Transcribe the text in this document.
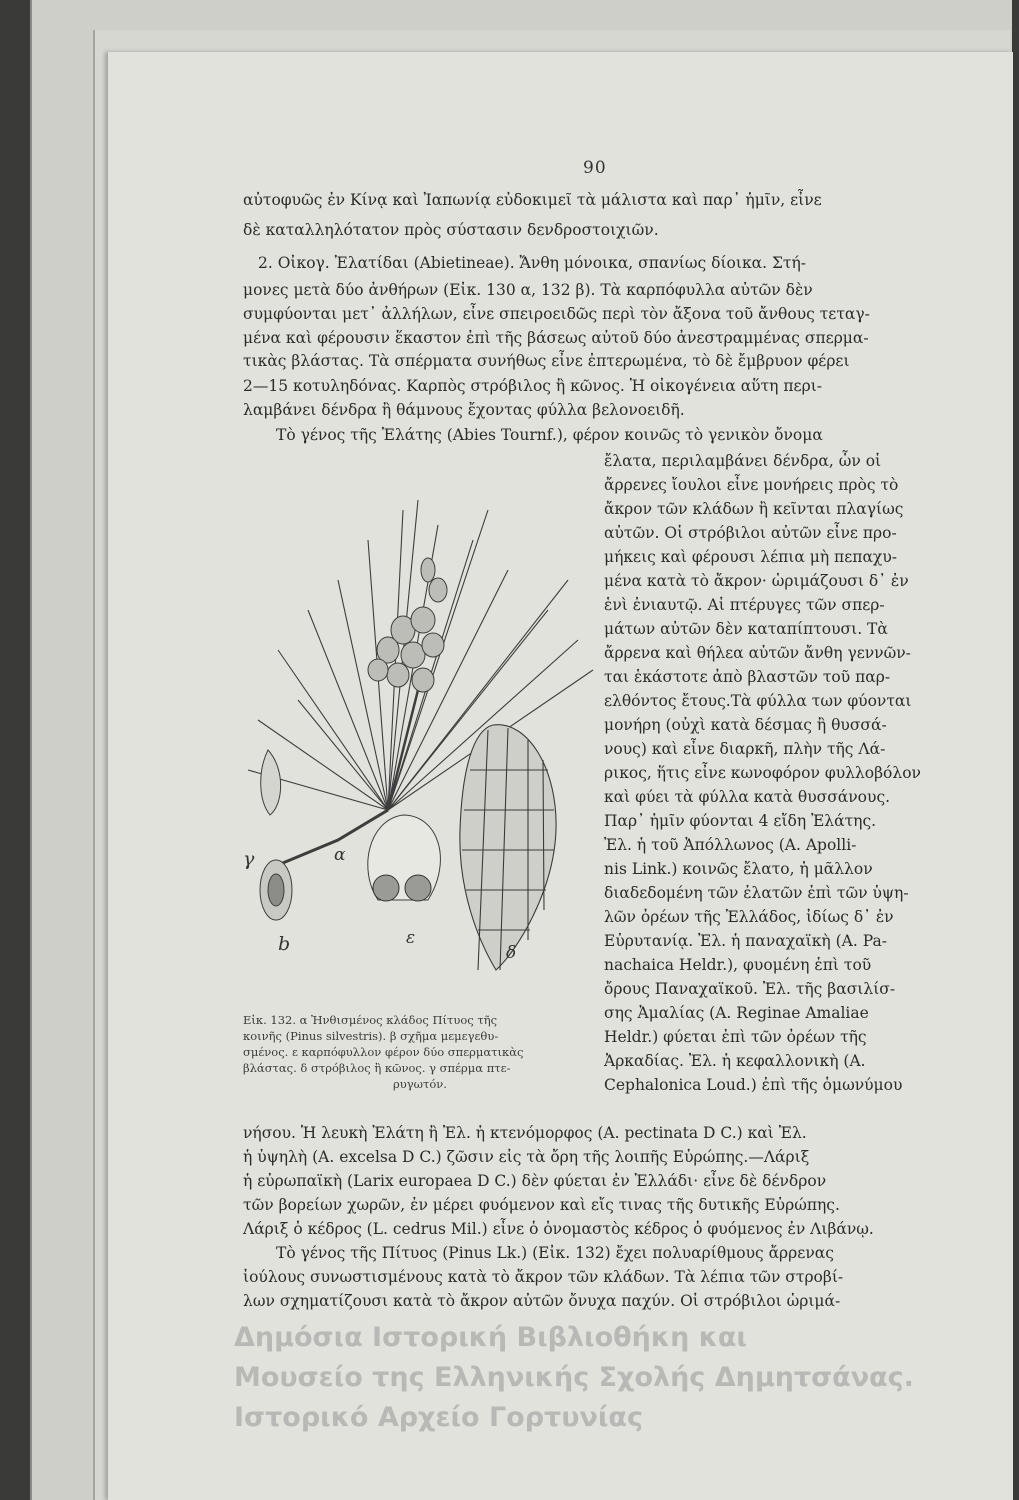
90
αὐτοφυῶς ἐν Κίνᾳ καὶ Ἰαπωνίᾳ εὐδοκιμεῖ τὰ μάλιστα καὶ παρ᾽ ἡμῖν, εἶνε
δὲ καταλληλότατον πρὸς σύστασιν δενδροστοιχιῶν.
2. Οἰκογ. Ἐλατίδαι (Abietineae). Ἄνθη μόνοικα, σπανίως δίοικα. Στή-
μονες μετὰ δύο ἀνθήρων (Εἰκ. 130 α, 132 β). Τὰ καρπόφυλλα αὐτῶν δὲν
συμφύονται μετ᾽ ἀλλήλων, εἶνε σπειροειδῶς περὶ τὸν ἄξονα τοῦ ἄνθους τεταγ-
μένα καὶ φέρουσιν ἕκαστον ἐπὶ τῆς βάσεως αὐτοῦ δύο ἀνεστραμμένας σπερμα-
τικὰς βλάστας. Τὰ σπέρματα συνήθως εἶνε ἐπτερωμένα, τὸ δὲ ἔμβρυον φέρει
2—15 κοτυληδόνας. Καρπὸς στρόβιλος ἢ κῶνος. Ἡ οἰκογένεια αὕτη περι-
λαμβάνει δένδρα ἢ θάμνους ἔχοντας φύλλα βελονοειδῆ.
Τὸ γένος τῆς Ἐλάτης (Abies Tournf.), φέρον κοινῶς τὸ γενικὸν ὄνομα
ἔλατα, περιλαμβάνει δένδρα, ὧν οἱ
ἄρρενες ἴουλοι εἶνε μονήρεις πρὸς τὸ
ἄκρον τῶν κλάδων ἢ κεῖνται πλαγίως
αὐτῶν. Οἱ στρόβιλοι αὐτῶν εἶνε προ-
μήκεις καὶ φέρουσι λέπια μὴ πεπαχυ-
μένα κατὰ τὸ ἄκρον· ὡριμάζουσι δ᾽ ἐν
ἑνὶ ἐνιαυτῷ. Αἱ πτέρυγες τῶν σπερ-
μάτων αὐτῶν δὲν καταπίπτουσι. Τὰ
ἄρρενα καὶ θήλεα αὐτῶν ἄνθη γεννῶν-
ται ἑκάστοτε ἀπὸ βλαστῶν τοῦ παρ-
ελθόντος ἔτους.Τὰ φύλλα των φύονται
μονήρη (οὐχὶ κατὰ δέσμας ἢ θυσσά-
νους) καὶ εἶνε διαρκῆ, πλὴν τῆς Λά-
ρικος, ἥτις εἶνε κωνοφόρον φυλλοβόλον
καὶ φύει τὰ φύλλα κατὰ θυσσάνους.
Παρ᾽ ἡμῖν φύονται 4 εἴδη Ἐλάτης.
Ἐλ. ἡ τοῦ Ἀπόλλωνος (A. Apolli-
nis Link.) κοινῶς ἔλατο, ἡ μᾶλλον
διαδεδομένη τῶν ἐλατῶν ἐπὶ τῶν ὑψη-
λῶν ὀρέων τῆς Ἑλλάδος, ἰδίως δ᾽ ἐν
Εὐρυτανίᾳ. Ἐλ. ἡ παναχαϊκὴ (A. Pa-
nachaica Heldr.), φυομένη ἐπὶ τοῦ
ὄρους Παναχαϊκοῦ. Ἐλ. τῆς βασιλίσ-
σης Ἀμαλίας (A. Reginae Amaliae
Heldr.) φύεται ἐπὶ τῶν ὀρέων τῆς
Ἀρκαδίας. Ἐλ. ἡ κεφαλλονικὴ (A.
Cephalonica Loud.) ἐπὶ τῆς ὁμωνύμου
α
γ
b	δ
ε
Εἰκ. 132. α Ἠνθισμένος κλάδος Πίτυος τῆς
κοινῆς (Pinus silvestris). β σχῆμα μεμεγεθυ-
σμένος. ε καρπόφυλλον φέρον δύο σπερματικὰς
βλάστας. δ στρόβιλος ἢ κῶνος. γ σπέρμα πτε-
ρυγωτόν.
νήσου. Ἡ λευκὴ Ἐλάτη ἢ Ἐλ. ἡ κτενόμορφος (A. pectinata D C.) καὶ Ἐλ.
ἡ ὑψηλὴ (A. excelsa D C.) ζῶσιν εἰς τὰ ὄρη τῆς λοιπῆς Εὐρώπης.—Λάριξ
ἡ εὐρωπαϊκὴ (Larix europaea D C.) δὲν φύεται ἐν Ἑλλάδι· εἶνε δὲ δένδρον
τῶν βορείων χωρῶν, ἐν μέρει φυόμενον καὶ εἴς τινας τῆς δυτικῆς Εὐρώπης.
Λάριξ ὁ κέδρος (L. cedrus Mil.) εἶνε ὁ ὀνομαστὸς κέδρος ὁ φυόμενος ἐν Λιβάνῳ.
Τὸ γένος τῆς Πίτυος (Pinus Lk.) (Εἰκ. 132) ἔχει πολυαρίθμους ἄρρενας
ἰούλους συνωστισμένους κατὰ τὸ ἄκρον τῶν κλάδων. Τὰ λέπια τῶν στροβί-
λων σχηματίζουσι κατὰ τὸ ἄκρον αὐτῶν ὄνυχα παχύν. Οἱ στρόβιλοι ὡριμά-
Δημόσια Ιστορική Βιβλιοθήκη και
Μουσείο της Ελληνικής Σχολής Δημητσάνας.
Ιστορικό Αρχείο Γορτυνίας
